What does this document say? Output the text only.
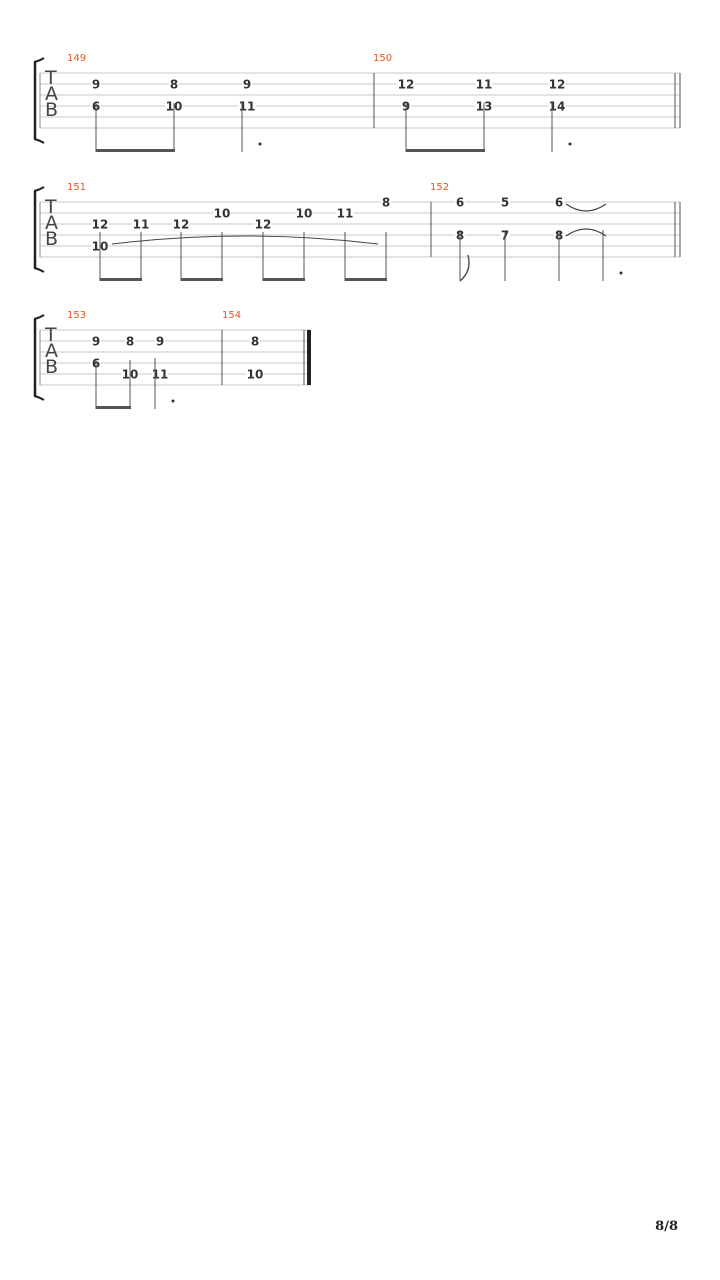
T
A
B
149
9
6
8
10
9
11
150
12
9
11
13
12
14
T
A
B
151
12
10
11 12
10
12
10 11
8
152
6
8
5
7
6
8
T
A
B
153
9
6
8
10
9
11
154
8
10
8/8
